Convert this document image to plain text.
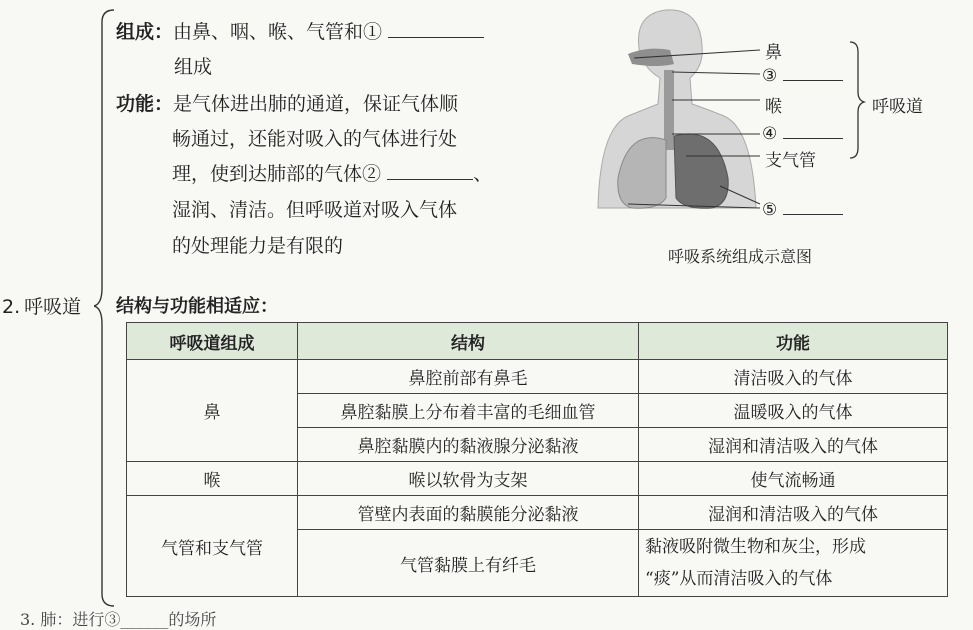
2. 呼吸道
组成：由鼻、咽、喉、气管和①
组成
功能：是气体进出肺的通道，保证气体顺
畅通过，还能对吸入的气体进行处
理，使到达肺部的气体②	、
湿润、清洁。但呼吸道对吸入气体
的处理能力是有限的
鼻
③
喉
④
支气管
⑤
呼吸道
呼吸系统组成示意图
结构与功能相适应：
呼吸道组成	结构	功能
鼻	鼻腔前部有鼻毛	清洁吸入的气体
	鼻腔黏膜上分布着丰富的毛细血管	温暖吸入的气体
	鼻腔黏膜内的黏液腺分泌黏液	湿润和清洁吸入的气体
喉	喉以软骨为支架	使气流畅通
气管和支气管	管壁内表面的黏膜能分泌黏液	湿润和清洁吸入的气体
	气管黏膜上有纤毛	黏液吸附微生物和灰尘，形成
“痰”从而清洁吸入的气体
3. 肺：进行③______的场所
